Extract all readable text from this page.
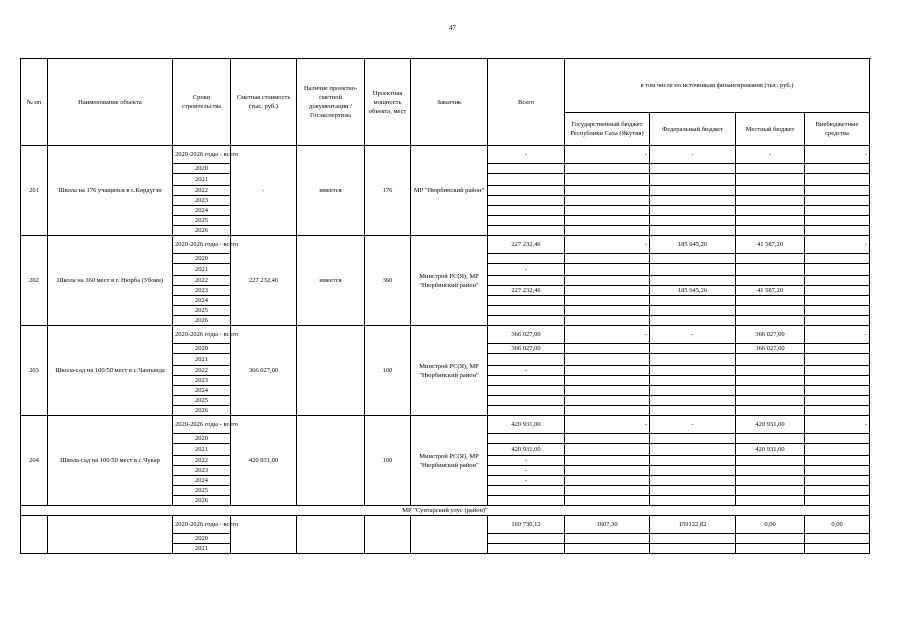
47
№ пп	Наименование объекта	Сроки строительства	Сметная стоимость (тыс. руб.)	Наличие проектно-сметной документации /Госэкспертизы	Проектная мощность объекта, мест	Заказчик	Всего	в том числе по источникам финансирования (тыс. руб.)			
								Государственный бюджет Республики Саха (Якутия)	Федеральный бюджет	Местный бюджет	Внебюджетные средства
201	Школа на 176 учащихся в с.Көрдүгэн	2020-2026 годы - всего	-	имеется	176	МР "Нюрбинский район"	-	-	-	-	-
		2020									
		2021									
		2022									
		2023									
		2024									
		2025									
		2026									
202	Школа на 360 мест в г. Нюрба (Убоян)	2020-2026 годы - всего	227 232,46	имеется	360	Минстрой РС(Я), МР "Нюрбинский район"	227 232,46	-	185 645,26	41 587,20	-
		2020									
		2021					-				
		2022									
		2023					227 232,46		185 645,26	41 587,20	
		2024									
		2025									
		2026									
203	Школа-сад на 100/50 мест в с.Чаппанда	2020-2026 годы - всего	366 027,00		100	Минстрой РС(Я), МР "Нюрбинский район"	366 027,00	-	-	366 027,00	-
		2020					366 027,00			366 027,00	
		2021									
		2022					-				
		2023									
		2024									
		2025									
		2026									
204	Школа-сад на 100/50 мест в с.Чукар	2020-2026 годы - всего	420 931,00		100	Минстрой РС(Я), МР "Нюрбинский район"	420 931,00	-	-	420 931,00	-
		2020									
		2021					420 931,00			420 931,00	
		2022					-				
		2023					-				
		2024					-				
		2025									
		2026									
МР "Сунтарский улус (район)"											
		2020-2026 годы - всего					160 730,12	1607,30	159122,82	0,00	0,00
		2020									
		2021									
